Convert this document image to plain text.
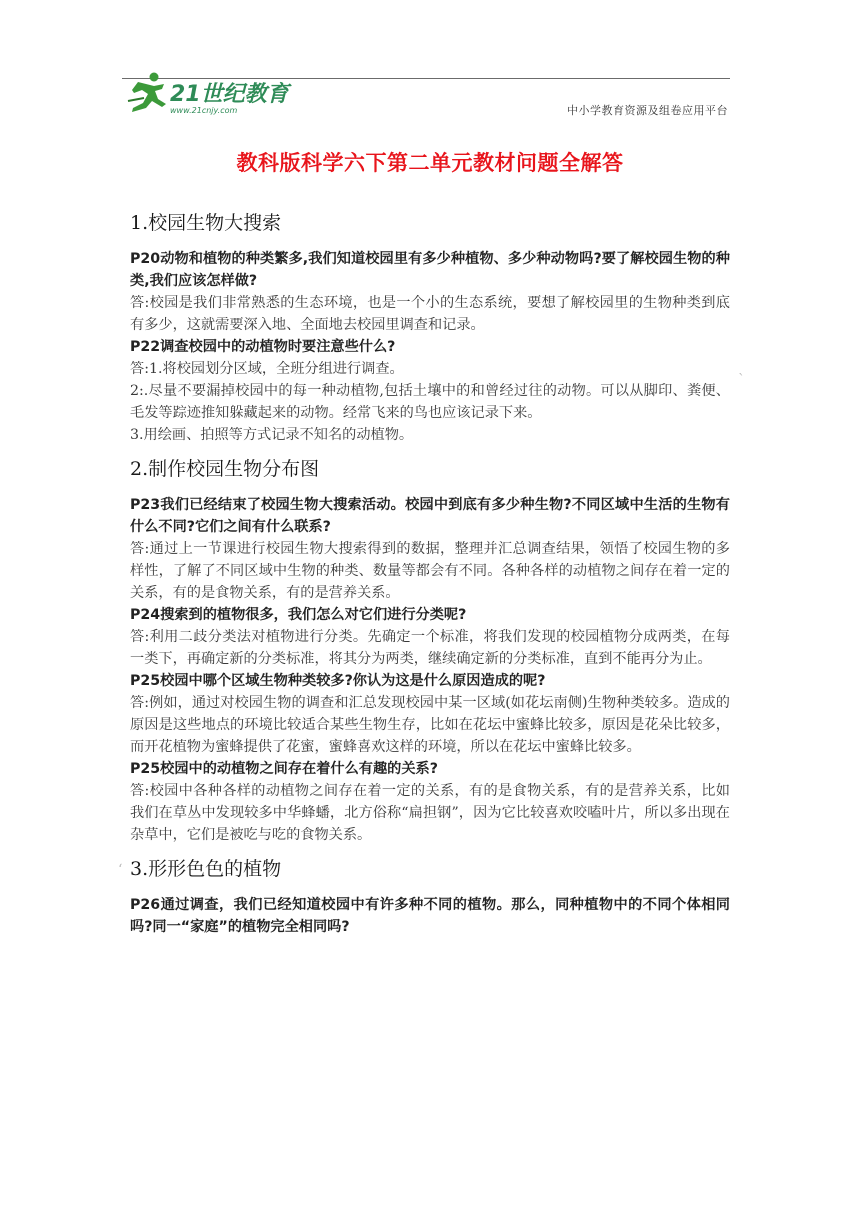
21世纪教育
www.21cnjy.com	中小学教育资源及组卷应用平台
教科版科学六下第二单元教材问题全解答
1.校园生物大搜索

P20动物和植物的种类繁多,我们知道校园里有多少种植物、多少种动物吗?要了解校园生物的种类,我们应该怎样做?

答:校园是我们非常熟悉的生态环境，也是一个小的生态系统，要想了解校园里的生物种类到底有多少，这就需要深入地、全面地去校园里调查和记录。

P22调查校园中的动植物时要注意些什么?

答:1.将校园划分区域，全班分组进行调查。

2:.尽量不要漏掉校园中的每一种动植物,包括土壤中的和曾经过往的动物。可以从脚印、粪便、毛发等踪迹推知躲藏起来的动物。经常飞来的鸟也应该记录下来。

3.用绘画、拍照等方式记录不知名的动植物。

2.制作校园生物分布图

P23我们已经结束了校园生物大搜索活动。校园中到底有多少种生物?不同区域中生活的生物有什么不同?它们之间有什么联系?

答:通过上一节课进行校园生物大搜索得到的数据，整理并汇总调查结果，领悟了校园生物的多样性，了解了不同区域中生物的种类、数量等都会有不同。各种各样的动植物之间存在着一定的关系，有的是食物关系，有的是营养关系。

P24搜索到的植物很多，我们怎么对它们进行分类呢?

答:利用二歧分类法对植物进行分类。先确定一个标准，将我们发现的校园植物分成两类，在每一类下，再确定新的分类标准，将其分为两类，继续确定新的分类标准，直到不能再分为止。

P25校园中哪个区域生物种类较多?你认为这是什么原因造成的呢?

答:例如，通过对校园生物的调查和汇总发现校园中某一区域(如花坛南侧)生物种类较多。造成的原因是这些地点的环境比较适合某些生物生存，比如在花坛中蜜蜂比较多，原因是花朵比较多，而开花植物为蜜蜂提供了花蜜，蜜蜂喜欢这样的环境，所以在花坛中蜜蜂比较多。

P25校园中的动植物之间存在着什么有趣的关系?

答:校园中各种各样的动植物之间存在着一定的关系，有的是食物关系，有的是营养关系，比如我们在草丛中发现较多中华蜂蟠，北方俗称“扁担钢”，因为它比较喜欢咬嗑叶片，所以多出现在杂草中，它们是被吃与吃的食物关系。

3.形形色色的植物

P26通过调查，我们已经知道校园中有许多种不同的植物。那么，同种植物中的不同个体相同吗?同一“家庭”的植物完全相同吗?

ˋ
‘
